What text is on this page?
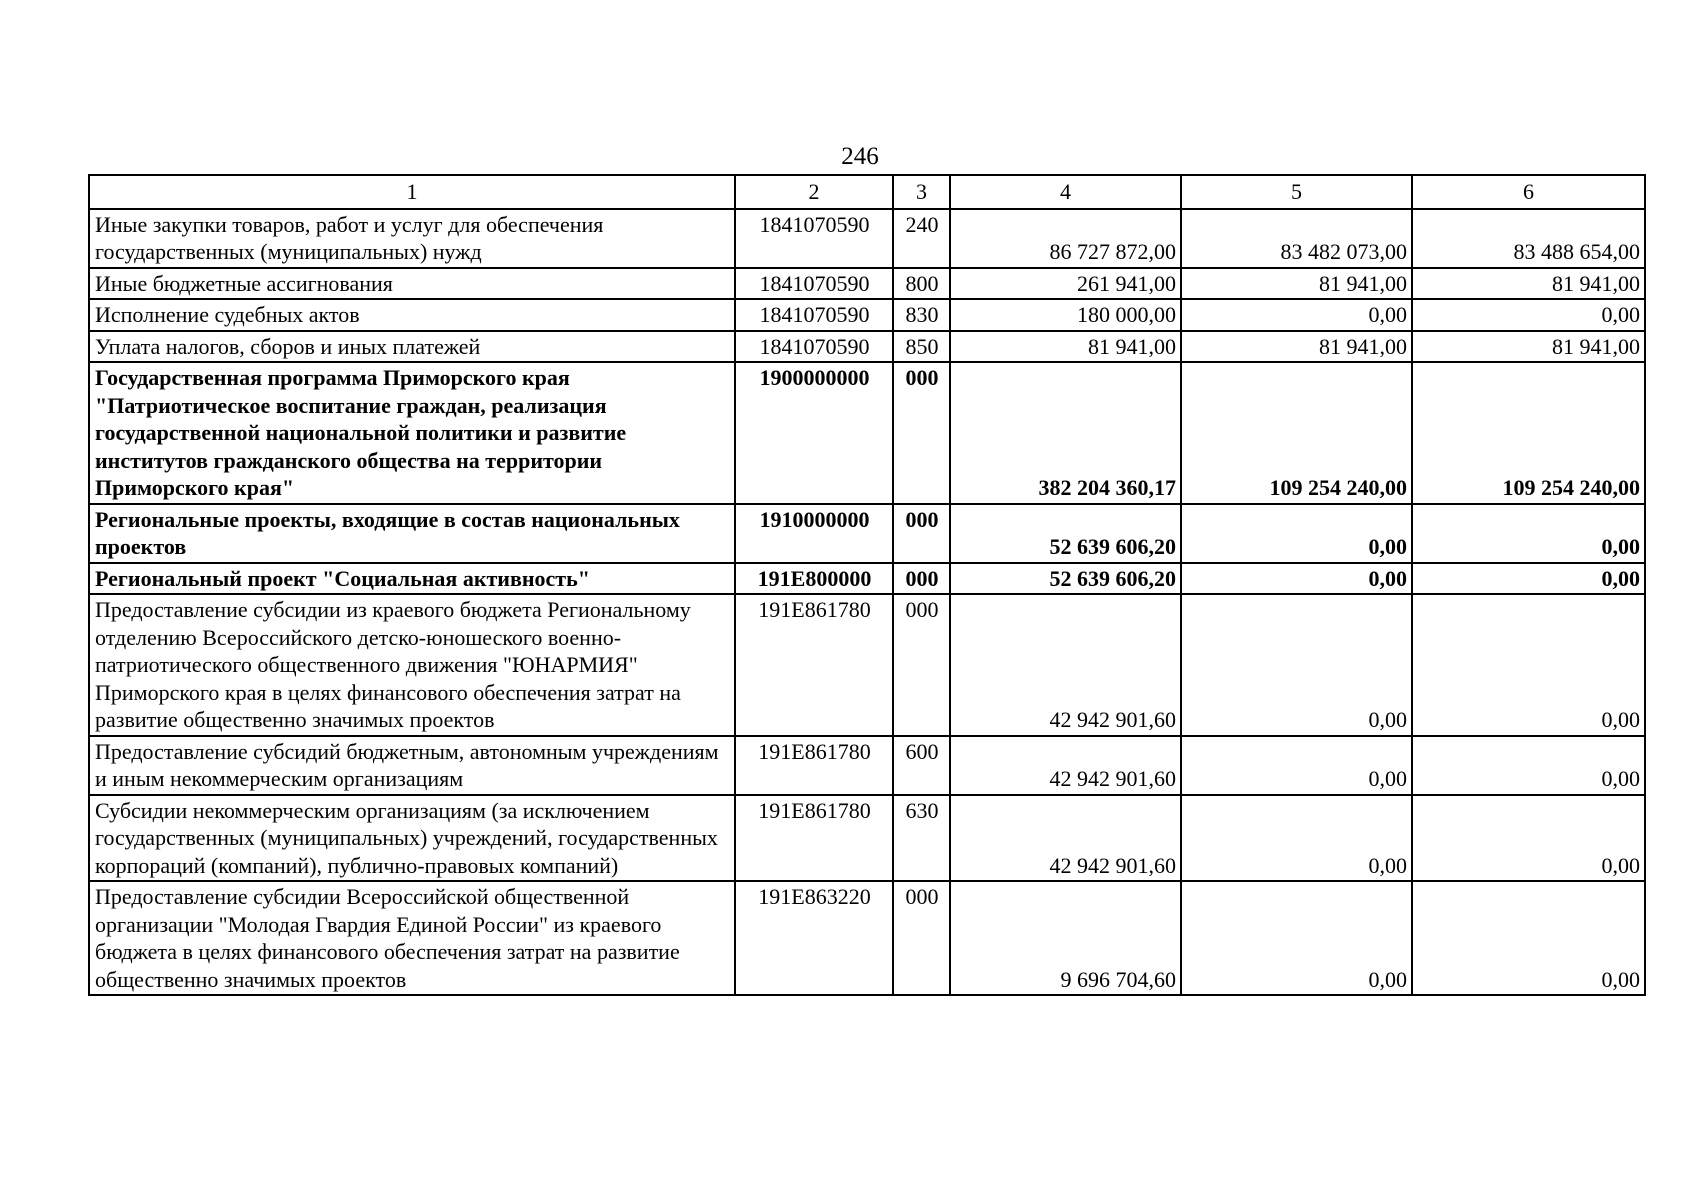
246
1	2	3	4	5	6
Иные закупки товаров, работ и услуг для обеспечения государственных (муниципальных) нужд	1841070590	240	86 727 872,00	83 482 073,00	83 488 654,00
Иные бюджетные ассигнования	1841070590	800	261 941,00	81 941,00	81 941,00
Исполнение судебных актов	1841070590	830	180 000,00	0,00	0,00
Уплата налогов, сборов и иных платежей	1841070590	850	81 941,00	81 941,00	81 941,00
Государственная программа Приморского края "Патриотическое воспитание граждан, реализация государственной национальной политики и развитие институтов гражданского общества на территории Приморского края"	1900000000	000	382 204 360,17	109 254 240,00	109 254 240,00
Региональные проекты, входящие в состав национальных проектов	1910000000	000	52 639 606,20	0,00	0,00
Региональный проект "Социальная активность"	191E800000	000	52 639 606,20	0,00	0,00
Предоставление субсидии из краевого бюджета Региональному отделению Всероссийского детско-юношеского военно-патриотического общественного движения "ЮНАРМИЯ" Приморского края в целях финансового обеспечения затрат на развитие общественно значимых проектов	191E861780	000	42 942 901,60	0,00	0,00
Предоставление субсидий бюджетным, автономным учреждениям и иным некоммерческим организациям	191E861780	600	42 942 901,60	0,00	0,00
Субсидии некоммерческим организациям (за исключением государственных (муниципальных) учреждений, государственных корпораций (компаний), публично-правовых компаний)	191E861780	630	42 942 901,60	0,00	0,00
Предоставление субсидии Всероссийской общественной организации "Молодая Гвардия Единой России" из краевого бюджета в целях финансового обеспечения затрат на развитие общественно значимых проектов	191E863220	000	9 696 704,60	0,00	0,00
